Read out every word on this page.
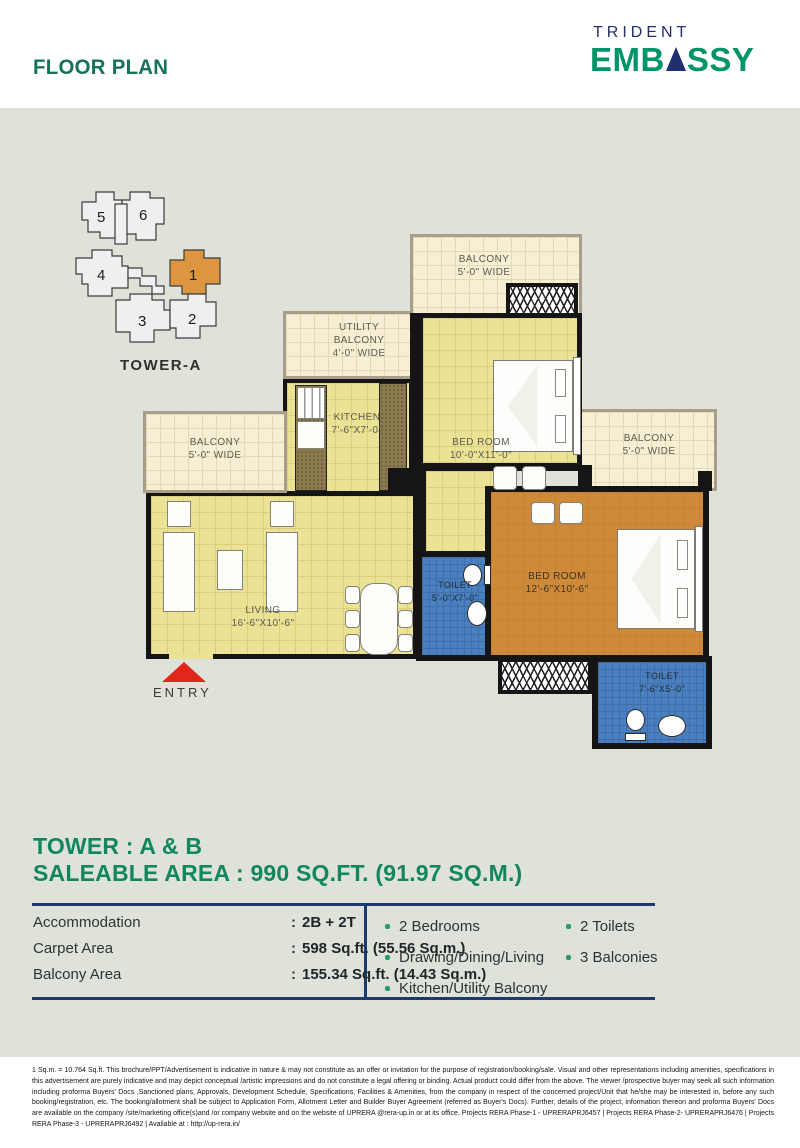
FLOOR PLAN
TRIDENT
EMB SSY
5 6
4	1
3	2
TOWER-A
LIVING
16'-6"X10'-6"
KITCHEN
7'-6"X7'-0"
UTILITY
BALCONY
4'-0" WIDE
BALCONY
5'-0" WIDE
BALCONY
5'-0" WIDE
BALCONY
5'-0" WIDE
BED ROOM
10'-0"X11'-0"
TOILET
5'-0"X7'-0"
BED ROOM
12'-6"X10'-6"
TOILET
7'-6"X5'-0"
ENTRY
TOWER : A & B
SALEABLE AREA : 990 SQ.FT. (91.97 SQ.M.)
Accommodation	: 2B + 2T
Carpet Area	: 598 Sq.ft. (55.56 Sq.m.)
Balcony Area	: 155.34 Sq.ft. (14.43 Sq.m.)
2 Bedrooms
Drawing/Dining/Living
Kitchen/Utility Balcony
2 Toilets
3 Balconies
1 Sq.m. = 10.764 Sq.ft. This brochure/PPT/Advertisement is indicative in nature & may not constitute as an offer or invitation for the purpose of registration/booking/sale. Visual and other representations including amenities, specifications in this advertisement are purely indicative and may depict conceptual /artistic impressions and do not constitute a legal offering or binding. Actual product could differ from the above. The viewer /prospective buyer may seek all such information including proforma Buyers' Docs ,Sanctioned plans, Approvals, Development Schedule, Specifications, Facilities & Amenities, from the company in respect of the concerned project/Unit that he/she may be interested in, before any such booking/registration, etc. The booking/allotment shall be subject to Application Form, Allotment Letter and Builder Buyer Agreement (referred as Buyer's Docs). Further, details of the project, information thereon and proforma Buyers' Docs are available on the company /site/marketing office(s)and /or company website and on the website of UPRERA @rera-up.in or at its office. Projects RERA Phase-1 - UPRERAPRJ6457 | Projects RERA Phase-2- UPRERAPRJ6476 | Projects RERA Phase-3 - UPRERAPRJ6492 | Available at : http://up-rera.in/
